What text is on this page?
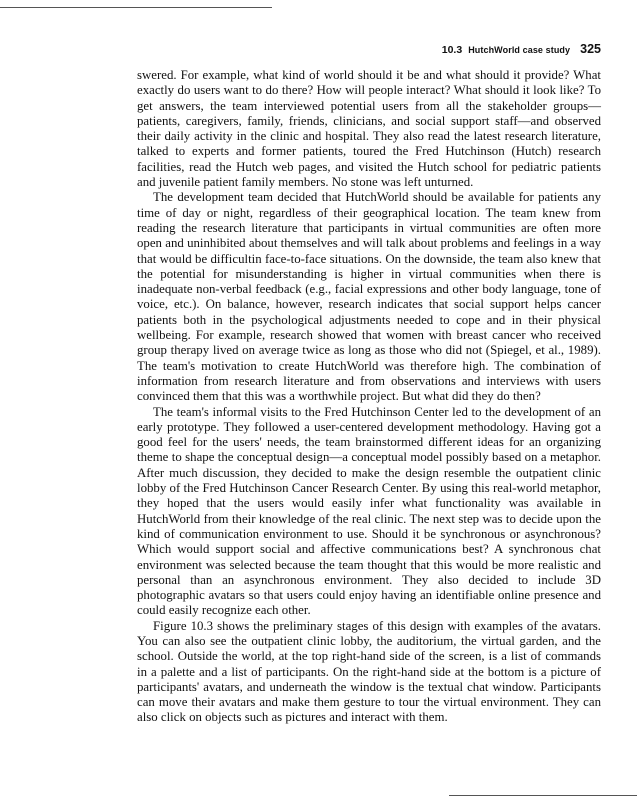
10.3 HutchWorld case study 325

swered. For example, what kind of world should it be and what should it provide? What exactly do users want to do there? How will people interact? What should it look like? To get answers, the team interviewed potential users from all the stakeholder groups—patients, caregivers, family, friends, clinicians, and social support staff—and observed their daily activity in the clinic and hospital. They also read the latest research literature, talked to experts and former patients, toured the Fred Hutchinson (Hutch) research facilities, read the Hutch web pages, and visited the Hutch school for pediatric patients and juvenile patient family members. No stone was left unturned.

The development team decided that HutchWorld should be available for patients any time of day or night, regardless of their geographical location. The team knew from reading the research literature that participants in virtual communities are often more open and uninhibited about themselves and will talk about problems and feelings in a way that would be difficultin face-to-face situations. On the downside, the team also knew that the potential for misunderstanding is higher in virtual communities when there is inadequate non-verbal feedback (e.g., facial expressions and other body language, tone of voice, etc.). On balance, however, research indicates that social support helps cancer patients both in the psychological adjustments needed to cope and in their physical wellbeing. For example, research showed that women with breast cancer who received group therapy lived on average twice as long as those who did not (Spiegel, et al., 1989). The team's motivation to create HutchWorld was therefore high. The combination of information from research literature and from observations and interviews with users convinced them that this was a worthwhile project. But what did they do then?

The team's informal visits to the Fred Hutchinson Center led to the development of an early prototype. They followed a user-centered development methodology. Having got a good feel for the users' needs, the team brainstormed different ideas for an organizing theme to shape the conceptual design—a conceptual model possibly based on a metaphor. After much discussion, they decided to make the design resemble the outpatient clinic lobby of the Fred Hutchinson Cancer Research Center. By using this real-world metaphor, they hoped that the users would easily infer what functionality was available in HutchWorld from their knowledge of the real clinic. The next step was to decide upon the kind of communication environment to use. Should it be synchronous or asynchronous? Which would support social and affective communications best? A synchronous chat environment was selected because the team thought that this would be more realistic and personal than an asynchronous environment. They also decided to include 3D photographic avatars so that users could enjoy having an identifiable online presence and could easily recognize each other.

Figure 10.3 shows the preliminary stages of this design with examples of the avatars. You can also see the outpatient clinic lobby, the auditorium, the virtual garden, and the school. Outside the world, at the top right-hand side of the screen, is a list of commands in a palette and a list of participants. On the right-hand side at the bottom is a picture of participants' avatars, and underneath the window is the textual chat window. Participants can move their avatars and make them gesture to tour the virtual environment. They can also click on objects such as pictures and interact with them.
